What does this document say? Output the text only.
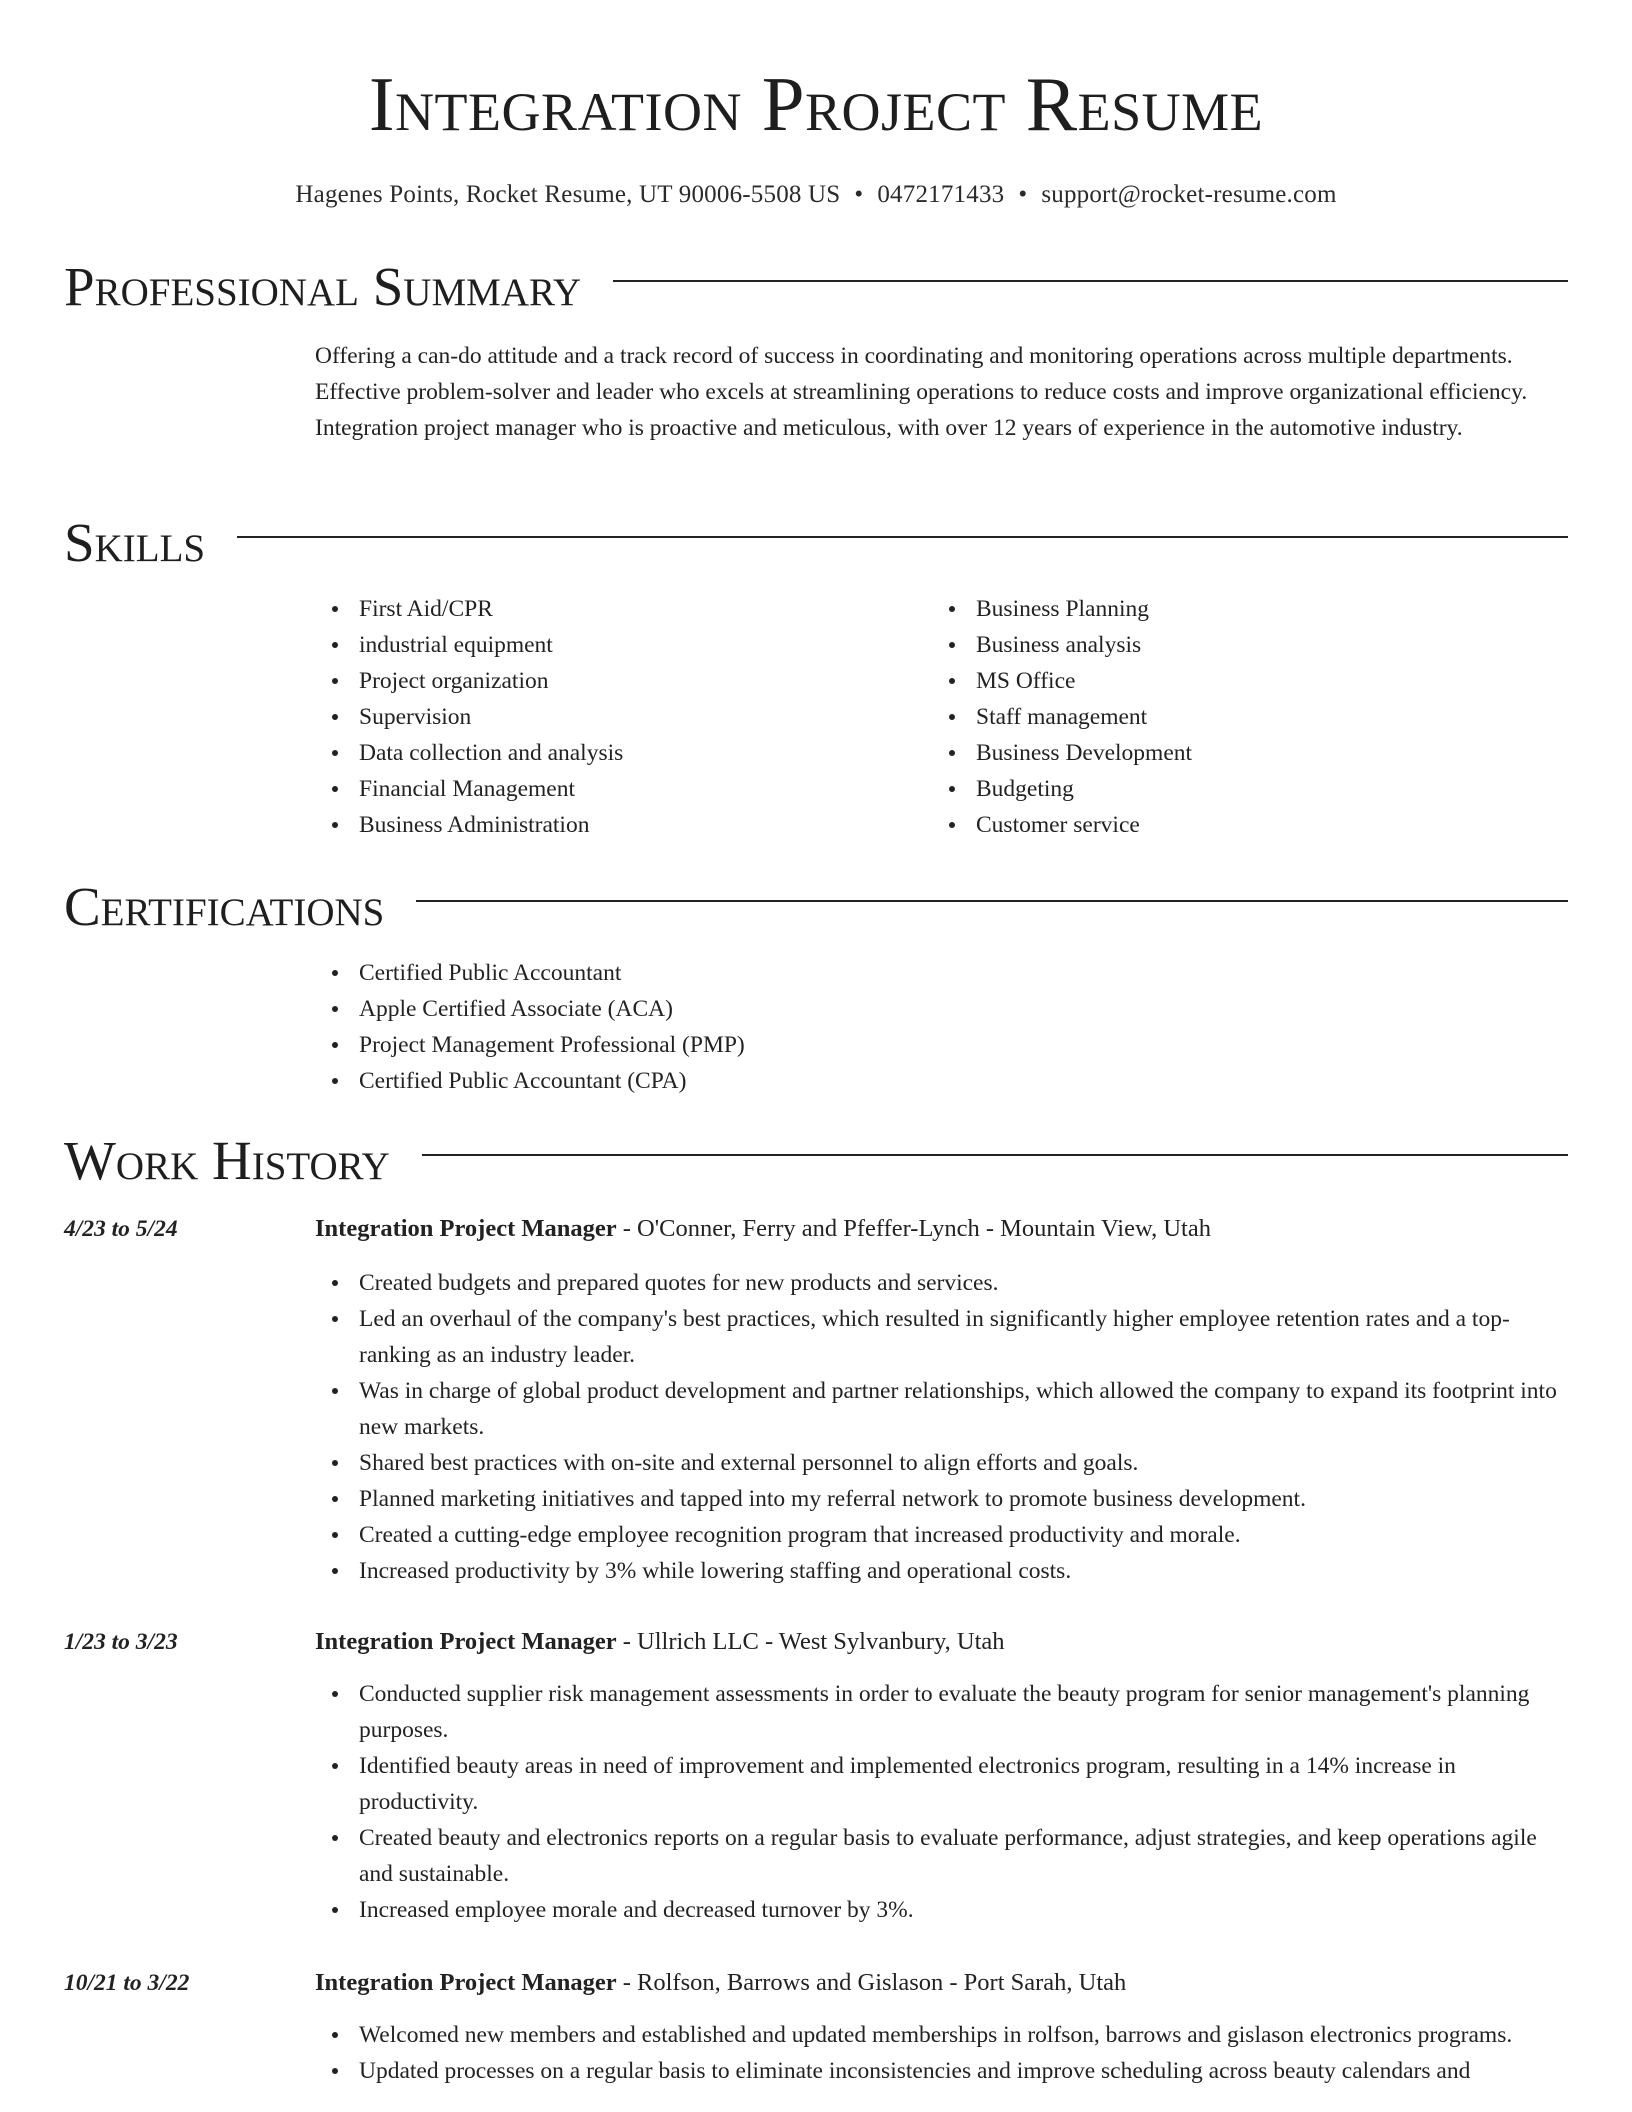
Integration Project Resume
Hagenes Points, Rocket Resume, UT 90006-5508 US • 0472171433 • support@rocket-resume.com
Professional Summary

Offering a can-do attitude and a track record of success in coordinating and monitoring operations across multiple departments. Effective problem-solver and leader who excels at streamlining operations to reduce costs and improve organizational efficiency. Integration project manager who is proactive and meticulous, with over 12 years of experience in the automotive industry.

Skills
First Aid/CPR
industrial equipment
Project organization
Supervision
Data collection and analysis
Financial Management
Business Administration
Business Planning
Business analysis
MS Office
Staff management
Business Development
Budgeting
Customer service
Certifications
Certified Public Accountant
Apple Certified Associate (ACA)
Project Management Professional (PMP)
Certified Public Accountant (CPA)
Work History
4/23 to 5/24	Integration Project Manager - O'Conner, Ferry and Pfeffer-Lynch - Mountain View, Utah
Created budgets and prepared quotes for new products and services.
Led an overhaul of the company's best practices, which resulted in significantly higher employee retention rates and a top-ranking as an industry leader.
Was in charge of global product development and partner relationships, which allowed the company to expand its footprint into new markets.
Shared best practices with on-site and external personnel to align efforts and goals.
Planned marketing initiatives and tapped into my referral network to promote business development.
Created a cutting-edge employee recognition program that increased productivity and morale.
Increased productivity by 3% while lowering staffing and operational costs.
1/23 to 3/23	Integration Project Manager - Ullrich LLC - West Sylvanbury, Utah
Conducted supplier risk management assessments in order to evaluate the beauty program for senior management's planning purposes.
Identified beauty areas in need of improvement and implemented electronics program, resulting in a 14% increase in productivity.
Created beauty and electronics reports on a regular basis to evaluate performance, adjust strategies, and keep operations agile and sustainable.
Increased employee morale and decreased turnover by 3%.
10/21 to 3/22	Integration Project Manager - Rolfson, Barrows and Gislason - Port Sarah, Utah
Welcomed new members and established and updated memberships in rolfson, barrows and gislason electronics programs.
Updated processes on a regular basis to eliminate inconsistencies and improve scheduling across beauty calendars and
